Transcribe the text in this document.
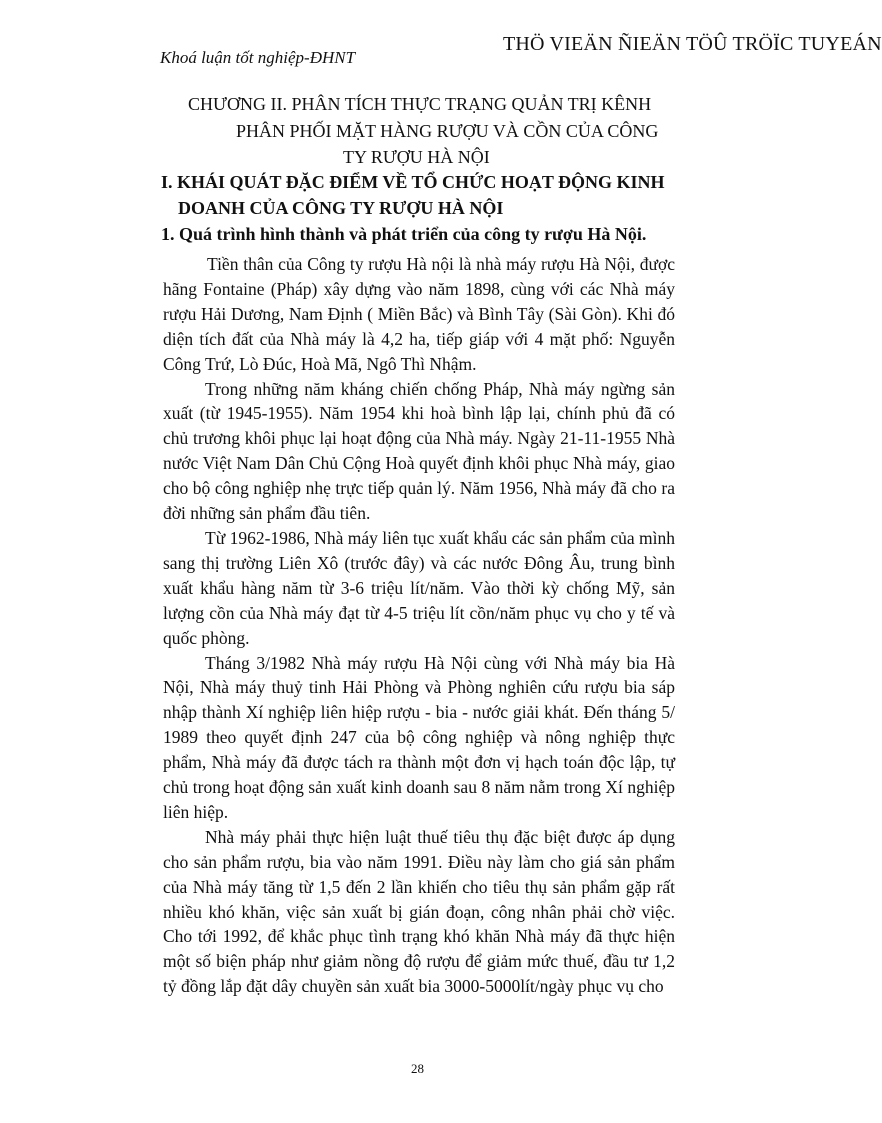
Khoá luận tốt nghiệp-ĐHNT
THÖ VIEÄN ÑIEÄN TÖÛ TRÖÏC TUYEÁN
CHƯƠNG II. PHÂN TÍCH THỰC TRẠNG QUẢN TRỊ KÊNH
PHÂN PHỐI MẶT HÀNG RƯỢU VÀ CỒN CỦA CÔNG
TY RƯỢU HÀ NỘI
I. KHÁI QUÁT ĐẶC ĐIỂM VỀ TỔ CHỨC HOẠT ĐỘNG KINH
DOANH CỦA CÔNG TY RƯỢU HÀ NỘI
1. Quá trình hình thành và phát triển của công ty rượu Hà Nội.

Tiền thân của Công ty rượu Hà nội là nhà máy rượu Hà Nội, được hãng Fontaine (Pháp) xây dựng vào năm 1898, cùng với các Nhà máy rượu Hải Dương, Nam Định ( Miền Bắc) và Bình Tây (Sài Gòn). Khi đó diện tích đất của Nhà máy là 4,2 ha, tiếp giáp với 4 mặt phố: Nguyễn Công Trứ, Lò Đúc, Hoà Mã, Ngô Thì Nhậm.

Trong những năm kháng chiến chống Pháp, Nhà máy ngừng sản xuất (từ 1945-1955). Năm 1954 khi hoà bình lập lại, chính phủ đã có chủ trương khôi phục lại hoạt động của Nhà máy. Ngày 21-11-1955 Nhà nước Việt Nam Dân Chủ Cộng Hoà quyết định khôi phục Nhà máy, giao cho bộ công nghiệp nhẹ trực tiếp quản lý. Năm 1956, Nhà máy đã cho ra đời những sản phẩm đầu tiên.

Từ 1962-1986, Nhà máy liên tục xuất khẩu các sản phẩm của mình sang thị trường Liên Xô (trước đây) và các nước Đông Âu, trung bình xuất khẩu hàng năm từ 3-6 triệu lít/năm. Vào thời kỳ chống Mỹ, sản lượng cồn của Nhà máy đạt từ 4-5 triệu lít cồn/năm phục vụ cho y tế và quốc phòng.

Tháng 3/1982 Nhà máy rượu Hà Nội cùng với Nhà máy bia Hà Nội, Nhà máy thuỷ tinh Hải Phòng và Phòng nghiên cứu rượu bia sáp nhập thành Xí nghiệp liên hiệp rượu - bia - nước giải khát. Đến tháng 5/ 1989 theo quyết định 247 của bộ công nghiệp và nông nghiệp thực phẩm, Nhà máy đã được tách ra thành một đơn vị hạch toán độc lập, tự chủ trong hoạt động sản xuất kinh doanh sau 8 năm nằm trong Xí nghiệp liên hiệp.

Nhà máy phải thực hiện luật thuế tiêu thụ đặc biệt được áp dụng cho sản phẩm rượu, bia vào năm 1991. Điều này làm cho giá sản phẩm của Nhà máy tăng từ 1,5 đến 2 lần khiến cho tiêu thụ sản phẩm gặp rất nhiều khó khăn, việc sản xuất bị gián đoạn, công nhân phải chờ việc. Cho tới 1992, để khắc phục tình trạng khó khăn Nhà máy đã thực hiện một số biện pháp như giảm nồng độ rượu để giảm mức thuế, đầu tư 1,2 tỷ đồng lắp đặt dây chuyền sản xuất bia 3000-5000lít/ngày phục vụ cho

28
